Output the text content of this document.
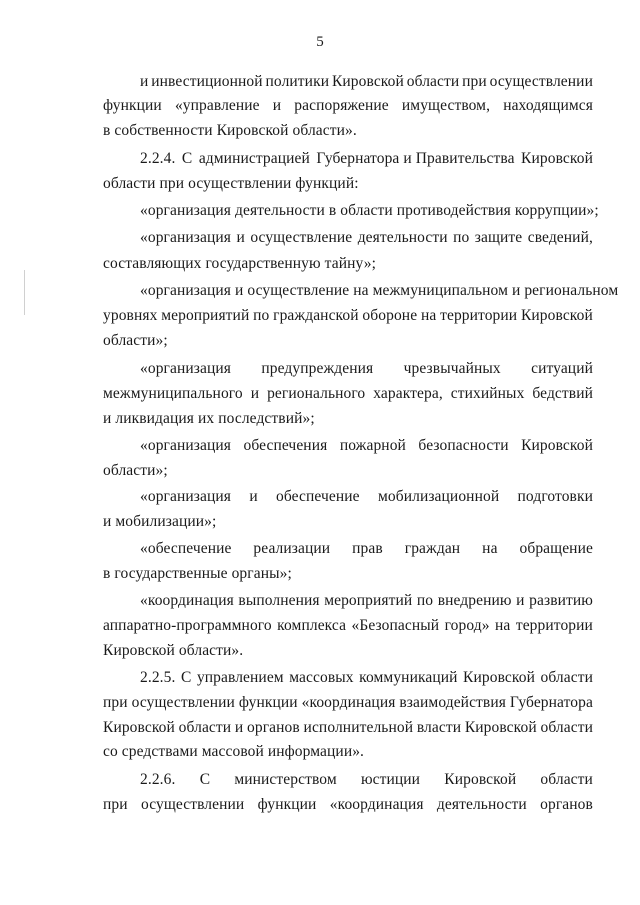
5
и инвестиционной политики Кировской области при осуществлении
функции «управление и распоряжение имуществом, находящимся
в собственности Кировской области».
2.2.4. С администрацией Губернатора и Правительства Кировской
области при осуществлении функций:
«организация деятельности в области противодействия коррупции»;
«организация и осуществление деятельности по защите сведений,
составляющих государственную тайну»;
«организация и осуществление на межмуниципальном и региональном
уровнях мероприятий по гражданской обороне на территории Кировской
области»;
«организация предупреждения чрезвычайных ситуаций
межмуниципального и регионального характера, стихийных бедствий
и ликвидация их последствий»;
«организация обеспечения пожарной безопасности Кировской
области»;
«организация и обеспечение мобилизационной подготовки
и мобилизации»;
«обеспечение реализации прав граждан на обращение
в государственные органы»;
«координация выполнения мероприятий по внедрению и развитию
аппаратно-программного комплекса «Безопасный город» на территории
Кировской области».
2.2.5. С управлением массовых коммуникаций Кировской области
при осуществлении функции «координация взаимодействия Губернатора
Кировской области и органов исполнительной власти Кировской области
со средствами массовой информации».
2.2.6. С министерством юстиции Кировской области
при осуществлении функции «координация деятельности органов
